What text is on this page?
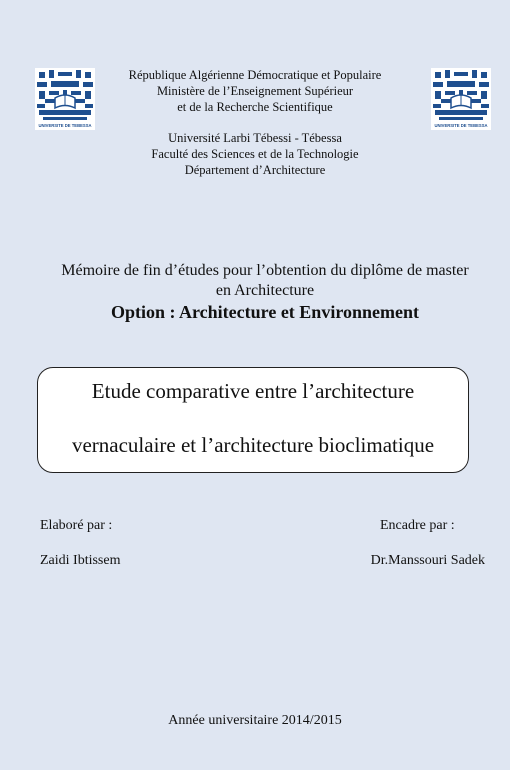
UNIVERSITE DE TEBESSA	UNIVERSITE DE TEBESSA
République Algérienne Démocratique et Populaire
Ministère de l’Enseignement Supérieur
et de la Recherche Scientifique
Université Larbi Tébessi - Tébessa
Faculté des Sciences et de la Technologie
Département d’Architecture
Mémoire de fin d’études pour l’obtention du diplôme de master
en Architecture
Option : Architecture et Environnement
Etude comparative entre l’architecture
vernaculaire et l’architecture bioclimatique
Elaboré par :	Encadre par :
Zaidi Ibtissem	Dr.Manssouri Sadek
Année universitaire 2014/2015
